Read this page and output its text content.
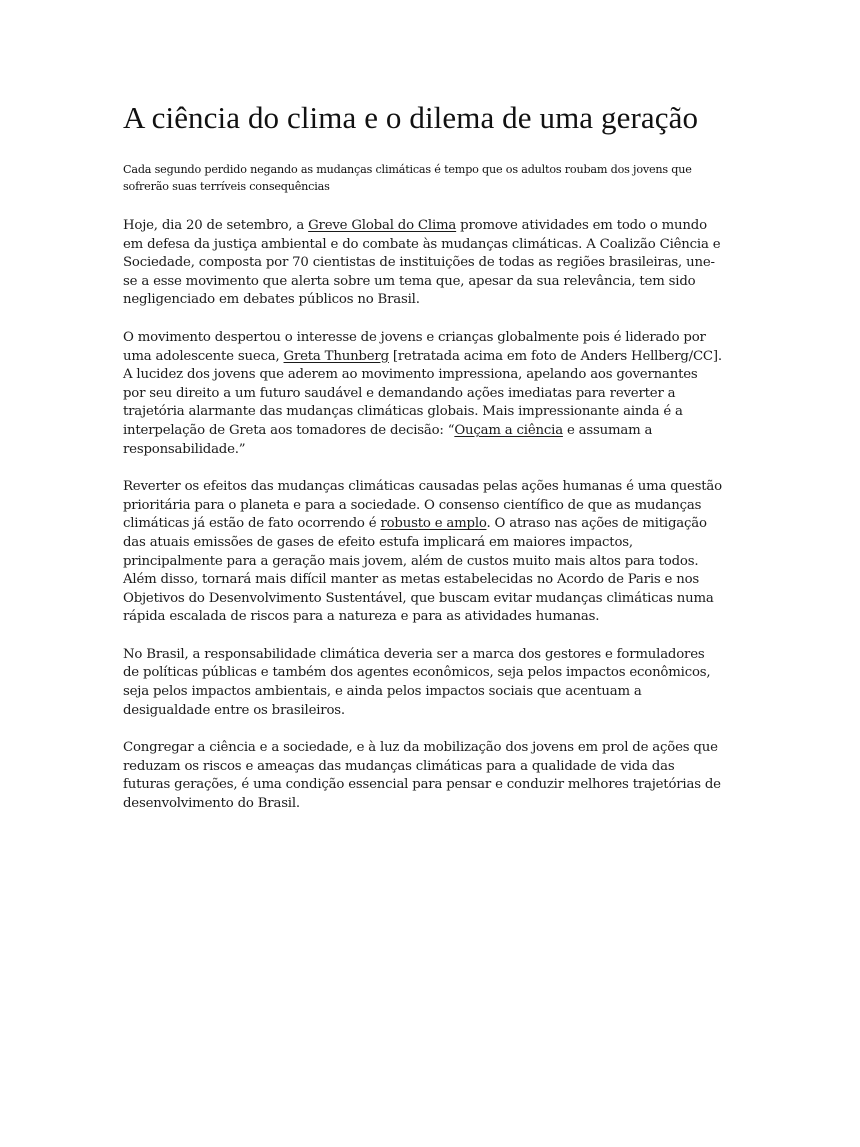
A ciência do clima e o dilema de uma geração

Cada segundo perdido negando as mudanças climáticas é tempo que os adultos roubam dos jovens que sofrerão suas terríveis consequências

Hoje, dia 20 de setembro, a Greve Global do Clima promove atividades em todo o mundo em defesa da justiça ambiental e do combate às mudanças climáticas. A Coalizão Ciência e Sociedade, composta por 70 cientistas de instituições de todas as regiões brasileiras, une-se a esse movimento que alerta sobre um tema que, apesar da sua relevância, tem sido negligenciado em debates públicos no Brasil.

O movimento despertou o interesse de jovens e crianças globalmente pois é liderado por uma adolescente sueca, Greta Thunberg [retratada acima em foto de Anders Hellberg/CC]. A lucidez dos jovens que aderem ao movimento impressiona, apelando aos governantes por seu direito a um futuro saudável e demandando ações imediatas para reverter a trajetória alarmante das mudanças climáticas globais. Mais impressionante ainda é a interpelação de Greta aos tomadores de decisão: “Ouçam a ciência e assumam a responsabilidade.”

Reverter os efeitos das mudanças climáticas causadas pelas ações humanas é uma questão prioritária para o planeta e para a sociedade. O consenso científico de que as mudanças climáticas já estão de fato ocorrendo é robusto e amplo. O atraso nas ações de mitigação das atuais emissões de gases de efeito estufa implicará em maiores impactos, principalmente para a geração mais jovem, além de custos muito mais altos para todos. Além disso, tornará mais difícil manter as metas estabelecidas no Acordo de Paris e nos Objetivos do Desenvolvimento Sustentável, que buscam evitar mudanças climáticas numa rápida escalada de riscos para a natureza e para as atividades humanas.

No Brasil, a responsabilidade climática deveria ser a marca dos gestores e formuladores de políticas públicas e também dos agentes econômicos, seja pelos impactos econômicos, seja pelos impactos ambientais, e ainda pelos impactos sociais que acentuam a desigualdade entre os brasileiros.

Congregar a ciência e a sociedade, e à luz da mobilização dos jovens em prol de ações que reduzam os riscos e ameaças das mudanças climáticas para a qualidade de vida das futuras gerações, é uma condição essencial para pensar e conduzir melhores trajetórias de desenvolvimento do Brasil.
